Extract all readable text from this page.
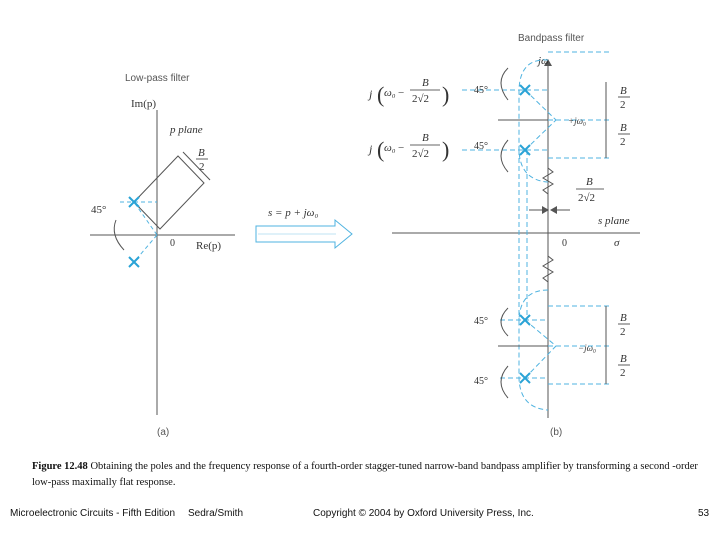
Low-pass filter
Im(p)
p plane
0 Re(p)
B
2
45°
(a)
s = p + jω₀
Bandpass filter
jω
s plane
0	σ
B
2
B
2
B
2
B
2
+jω₀
−jω₀
j ( ω₀ −
B
2√2 )
j ( ω₀ −
B
2√2 )
B
2√2
45°
45°
45°
45°
(b)
Figure 12.48 Obtaining the poles and the frequency response of a fourth-order stagger-tuned narrow-band bandpass amplifier by transforming a second -order low-pass maximally flat response.
Microelectronic Circuits - Fifth Edition Sedra/Smith	Copyright © 2004 by Oxford University Press, Inc.	53
